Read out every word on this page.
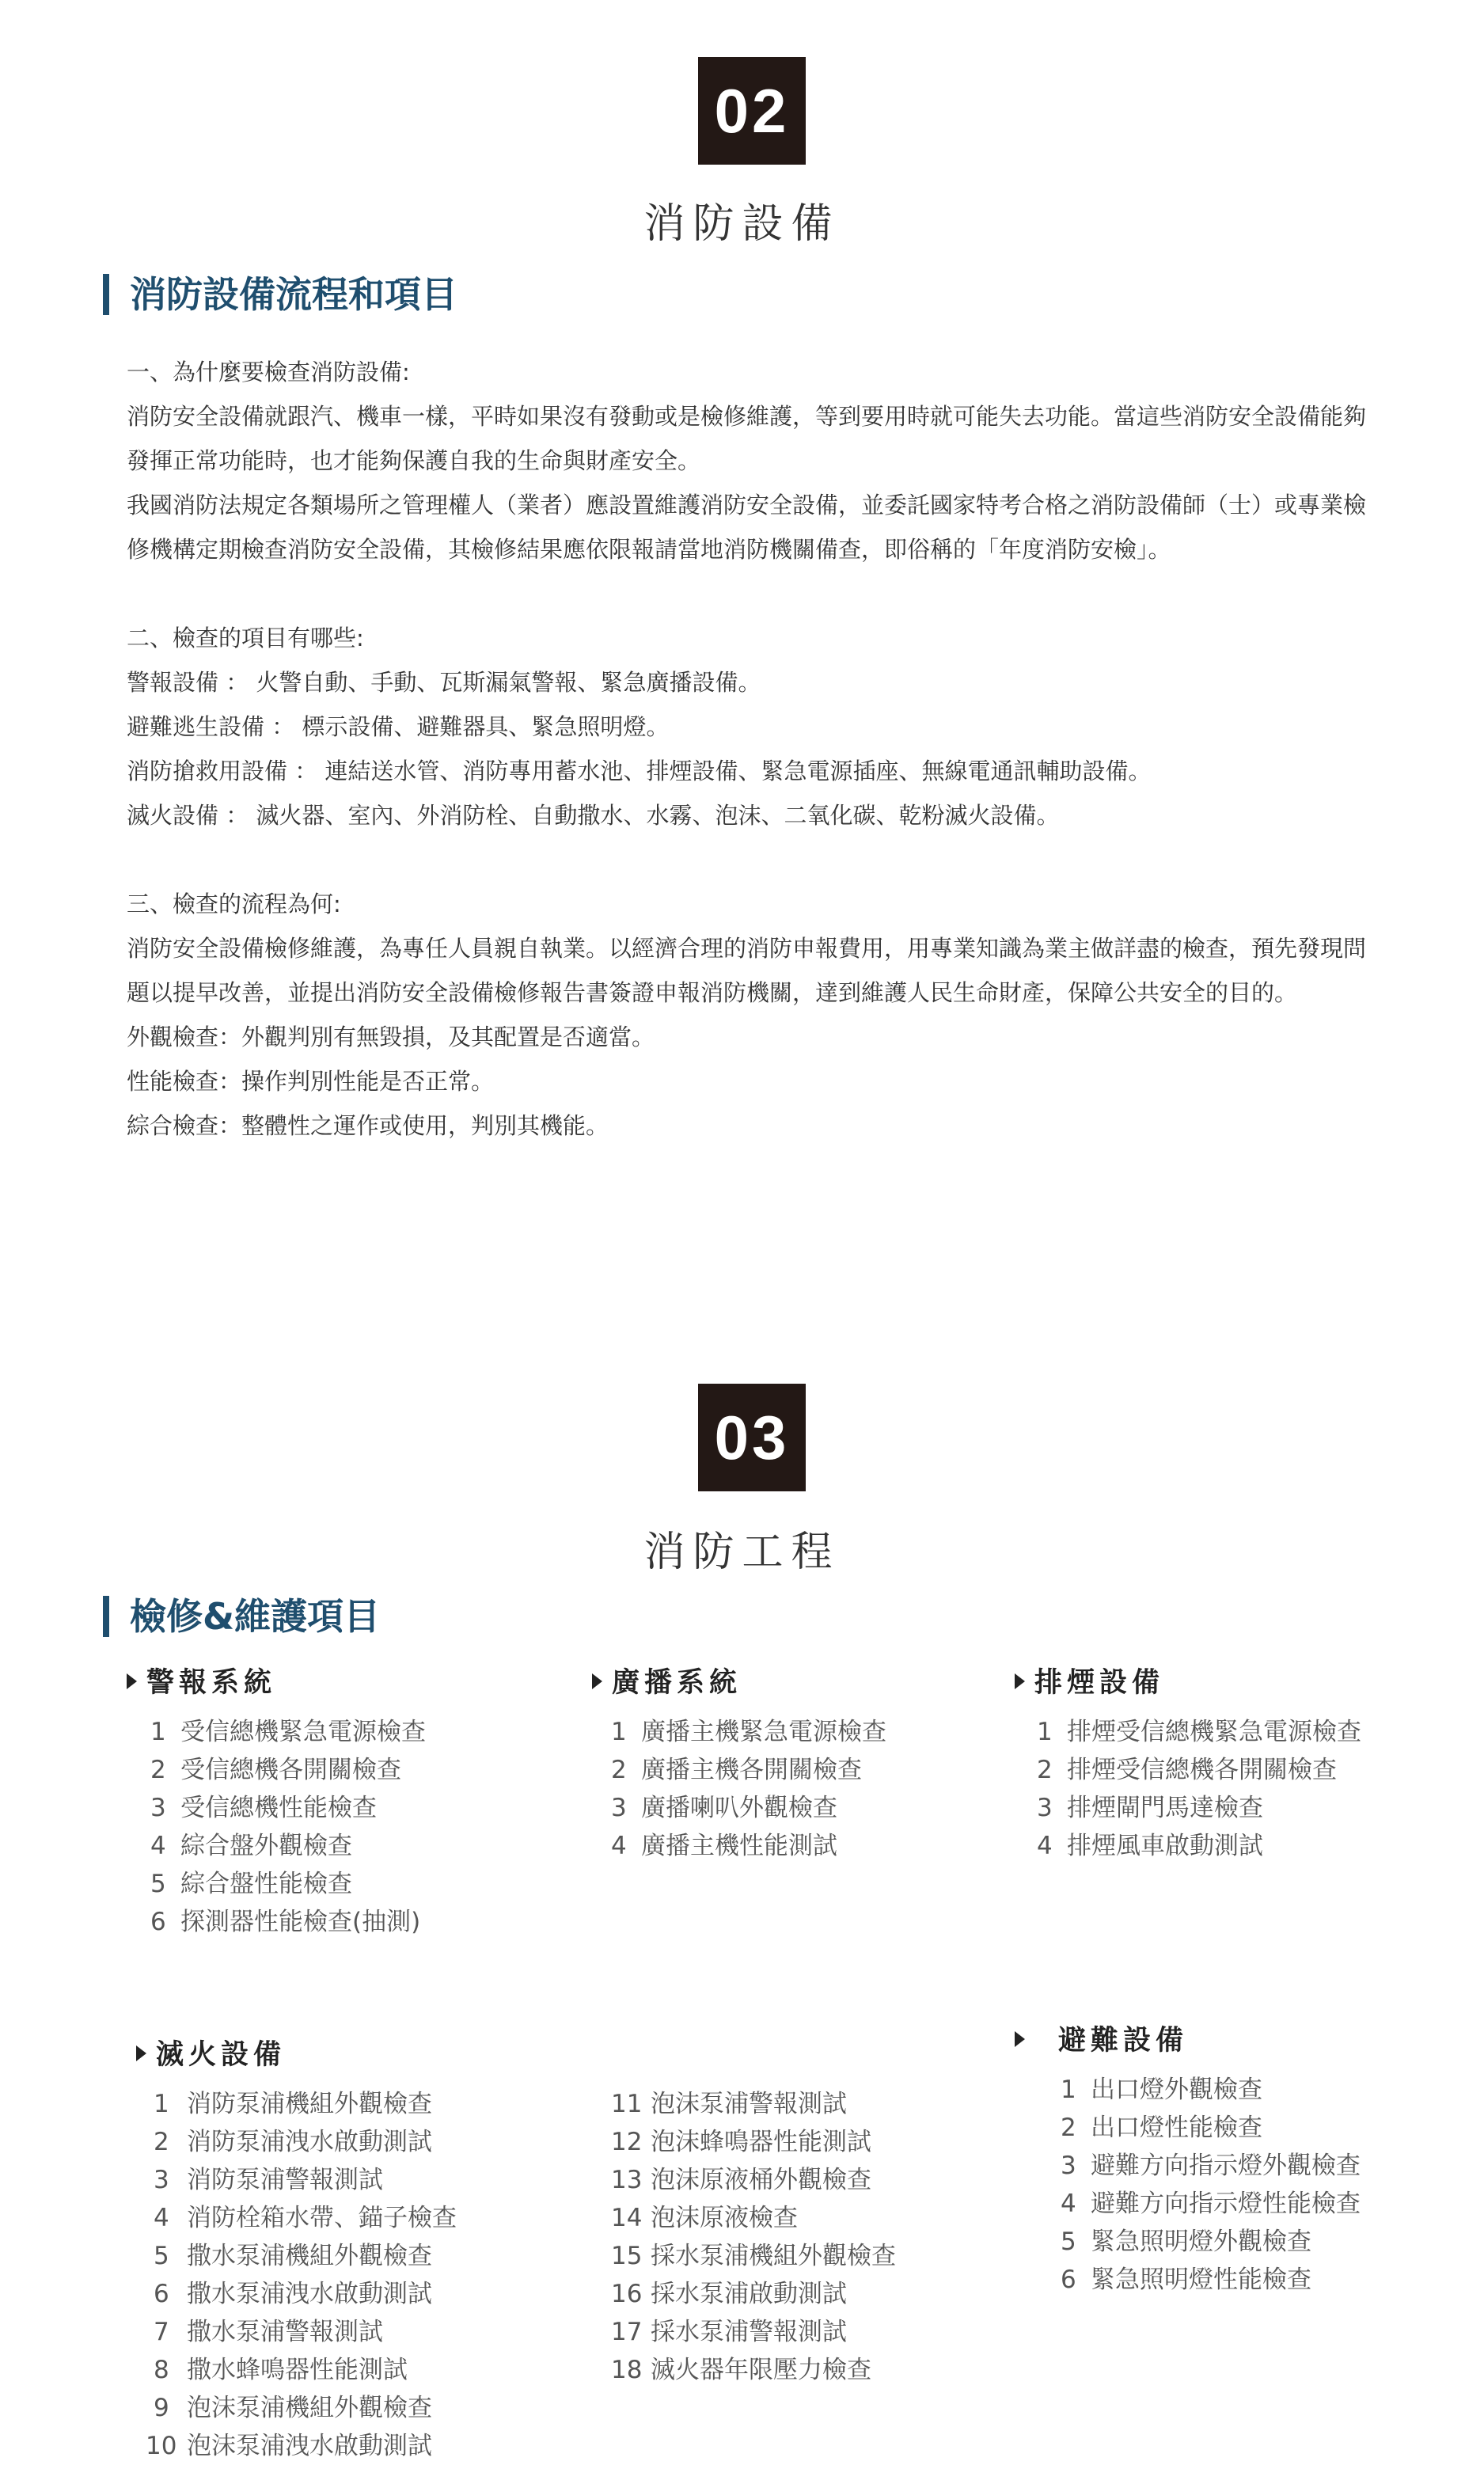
02
消防設備
消防設備流程和項目

一、為什麼要檢查消防設備:

消防安全設備就跟汽、機車一樣，平時如果沒有發動或是檢修維護，等到要用時就可能失去功能。當這些消防安全設備能夠發揮正常功能時，也才能夠保護自我的生命與財產安全。

我國消防法規定各類場所之管理權人（業者）應設置維護消防安全設備，並委託國家特考合格之消防設備師（士）或專業檢修機構定期檢查消防安全設備，其檢修結果應依限報請當地消防機關備查，即俗稱的「年度消防安檢」。

二、檢查的項目有哪些:

警報設備 ： 火警自動、手動、瓦斯漏氣警報、緊急廣播設備。

避難逃生設備 ： 標示設備、避難器具、緊急照明燈。

消防搶救用設備 ： 連結送水管、消防專用蓄水池、排煙設備、緊急電源插座、無線電通訊輔助設備。

滅火設備 ： 滅火器、室內、外消防栓、自動撒水、水霧、泡沫、二氧化碳、乾粉滅火設備。

三、檢查的流程為何:

消防安全設備檢修維護，為專任人員親自執業。以經濟合理的消防申報費用，用專業知識為業主做詳盡的檢查，預先發現問題以提早改善，並提出消防安全設備檢修報告書簽證申報消防機關，達到維護人民生命財產，保障公共安全的目的。

外觀檢查：外觀判別有無毀損，及其配置是否適當。

性能檢查：操作判別性能是否正常。

綜合檢查：整體性之運作或使用，判別其機能。

03
消防工程
檢修&維護項目
警報系統
1 受信總機緊急電源檢查
2 受信總機各開關檢查
3 受信總機性能檢查
4 綜合盤外觀檢查
5 綜合盤性能檢查
6 探測器性能檢查(抽測)
廣播系統
1 廣播主機緊急電源檢查
2 廣播主機各開關檢查
3 廣播喇叭外觀檢查
4 廣播主機性能測試
排煙設備
1 排煙受信總機緊急電源檢查
2 排煙受信總機各開關檢查
3 排煙閘門馬達檢查
4 排煙風車啟動測試
滅火設備
1 消防泵浦機組外觀檢查
2 消防泵浦洩水啟動測試
3 消防泵浦警報測試
4 消防栓箱水帶、錨子檢查
5 撒水泵浦機組外觀檢查
6 撒水泵浦洩水啟動測試
7 撒水泵浦警報測試
8 撒水蜂鳴器性能測試
9 泡沫泵浦機組外觀檢查
10 泡沫泵浦洩水啟動測試
11 泡沫泵浦警報測試
12 泡沫蜂鳴器性能測試
13 泡沫原液桶外觀檢查
14 泡沫原液檢查
15 採水泵浦機組外觀檢查
16 採水泵浦啟動測試
17 採水泵浦警報測試
18 滅火器年限壓力檢查
避難設備
1 出口燈外觀檢查
2 出口燈性能檢查
3 避難方向指示燈外觀檢查
4 避難方向指示燈性能檢查
5 緊急照明燈外觀檢查
6 緊急照明燈性能檢查
